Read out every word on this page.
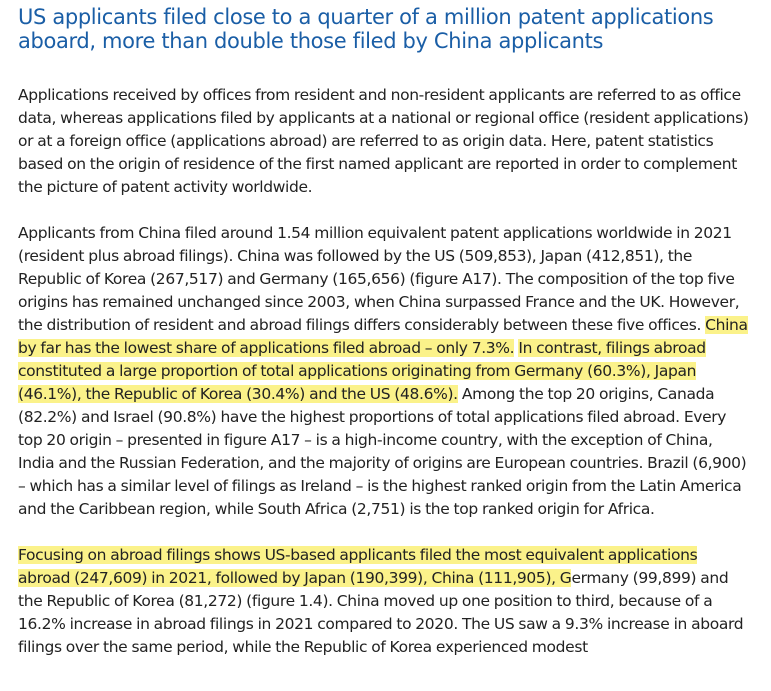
US applicants filed close to a quarter of a million patent applications aboard, more than double those filed by China applicants

Applications received by offices from resident and non-resident applicants are referred to as office data, whereas applications filed by applicants at a national or regional office (resident applications) or at a foreign office (applications abroad) are referred to as origin data. Here, patent statistics based on the origin of residence of the first named applicant are reported in order to complement the picture of patent activity worldwide.

Applicants from China filed around 1.54 million equivalent patent applications worldwide in 2021 (resident plus abroad filings). China was followed by the US (509,853), Japan (412,851), the Republic of Korea (267,517) and Germany (165,656) (figure A17). The composition of the top five origins has remained unchanged since 2003, when China surpassed France and the UK. However, the distribution of resident and abroad filings differs considerably between these five offices. China by far has the lowest share of applications filed abroad – only 7.3%. In contrast, filings abroad constituted a large proportion of total applications originating from Germany (60.3%), Japan (46.1%), the Republic of Korea (30.4%) and the US (48.6%). Among the top 20 origins, Canada (82.2%) and Israel (90.8%) have the highest proportions of total applications filed abroad. Every top 20 origin – presented in figure A17 – is a high-income country, with the exception of China, India and the Russian Federation, and the majority of origins are European countries. Brazil (6,900) – which has a similar level of filings as Ireland – is the highest ranked origin from the Latin America and the Caribbean region, while South Africa (2,751) is the top ranked origin for Africa.

Focusing on abroad filings shows US-based applicants filed the most equivalent applications abroad (247,609) in 2021, followed by Japan (190,399), China (111,905), Germany (99,899) and the Republic of Korea (81,272) (figure 1.4). China moved up one position to third, because of a 16.2% increase in abroad filings in 2021 compared to 2020. The US saw a 9.3% increase in aboard filings over the same period, while the Republic of Korea experienced modest
